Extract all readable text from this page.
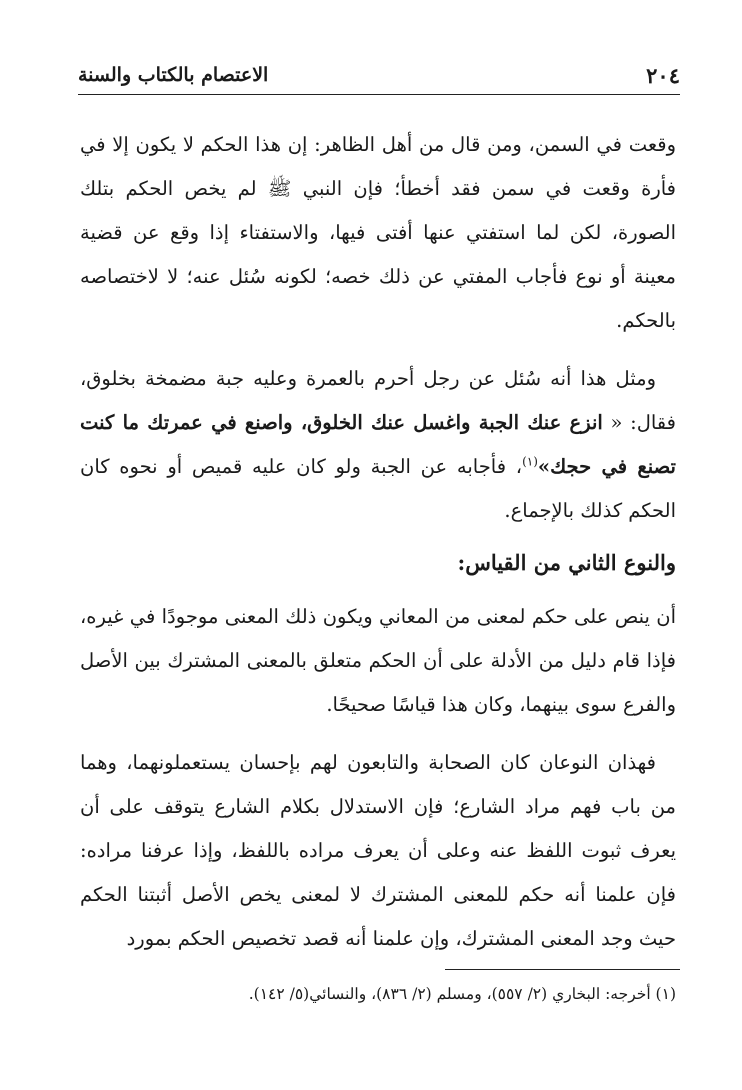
٢٠٤
الاعتصام بالكتاب والسنة

وقعت في السمن، ومن قال من أهل الظاهر: إن هذا الحكم لا يكون إلا في فأرة وقعت في سمن فقد أخطأ؛ فإن النبي ﷺ لم يخص الحكم بتلك الصورة، لكن لما استفتي عنها أفتى فيها، والاستفتاء إذا وقع عن قضية معينة أو نوع فأجاب المفتي عن ذلك خصه؛ لكونه سُئل عنه؛ لا لاختصاصه بالحكم.

ومثل هذا أنه سُئل عن رجل أحرم بالعمرة وعليه جبة مضمخة بخلوق، فقال: « انزع عنك الجبة واغسل عنك الخلوق، واصنع في عمرتك ما كنت تصنع في حجك»$^{(١)}$، فأجابه عن الجبة ولو كان عليه قميص أو نحوه كان الحكم كذلك بالإجماع.

والنوع الثاني من القياس:

أن ينص على حكم لمعنى من المعاني ويكون ذلك المعنى موجودًا في غيره، فإذا قام دليل من الأدلة على أن الحكم متعلق بالمعنى المشترك بين الأصل والفرع سوى بينهما، وكان هذا قياسًا صحيحًا.

فهذان النوعان كان الصحابة والتابعون لهم بإحسان يستعملونهما، وهما من باب فهم مراد الشارع؛ فإن الاستدلال بكلام الشارع يتوقف على أن يعرف ثبوت اللفظ عنه وعلى أن يعرف مراده باللفظ، وإذا عرفنا مراده: فإن علمنا أنه حكم للمعنى المشترك لا لمعنى يخص الأصل أثبتنا الحكم حيث وجد المعنى المشترك، وإن علمنا أنه قصد تخصيص الحكم بمورد

(١) أخرجه: البخاري (٢/ ٥٥٧)، ومسلم (٢/ ٨٣٦)، والنسائي(٥/ ١٤٢).
